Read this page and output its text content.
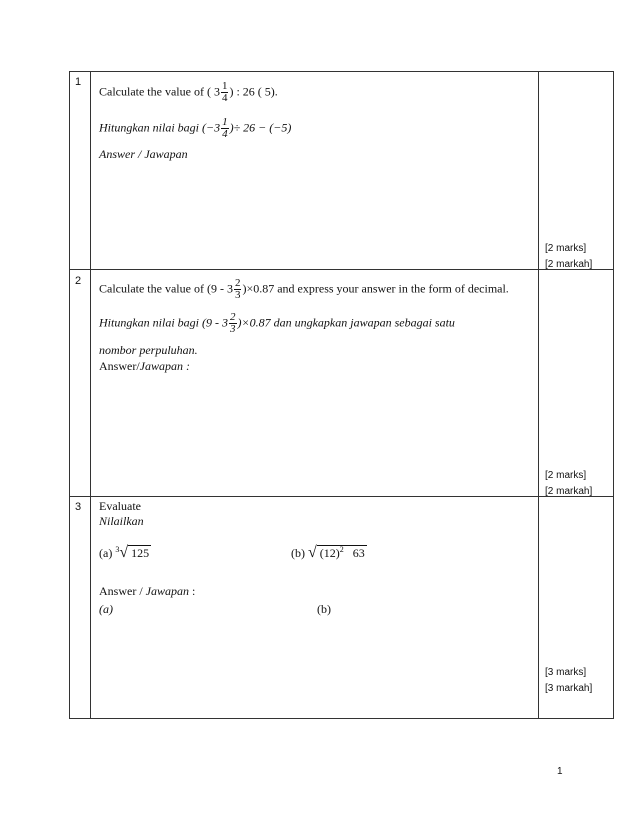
1
Calculate the value of ( $3 \frac{1}{4}$ ) : 26 ( 5).
Hitungkan nilai bagi ($-3 \frac{1}{4}$ )÷ 26 − (−5)
Answer / Jawapan
[2 marks]
[2 markah]
2
Calculate the value of $(9 - 3 \frac{2}{3} )\times 0.87$ and express your answer in the form of decimal.
Hitungkan nilai bagi $(9 - 3 \frac{2}{3} )\times 0.87$ dan ungkapkan jawapan sebagai satu
nombor perpuluhan.
Answer/Jawapan :
[2 marks]
[2 markah]
3 Evaluate
Nilailkan
(a) $^3$√ 125	(b) √ $(12)^2$ 63
Answer / Jawapan :
(a)	(b)
[3 marks]
[3 markah]
1
